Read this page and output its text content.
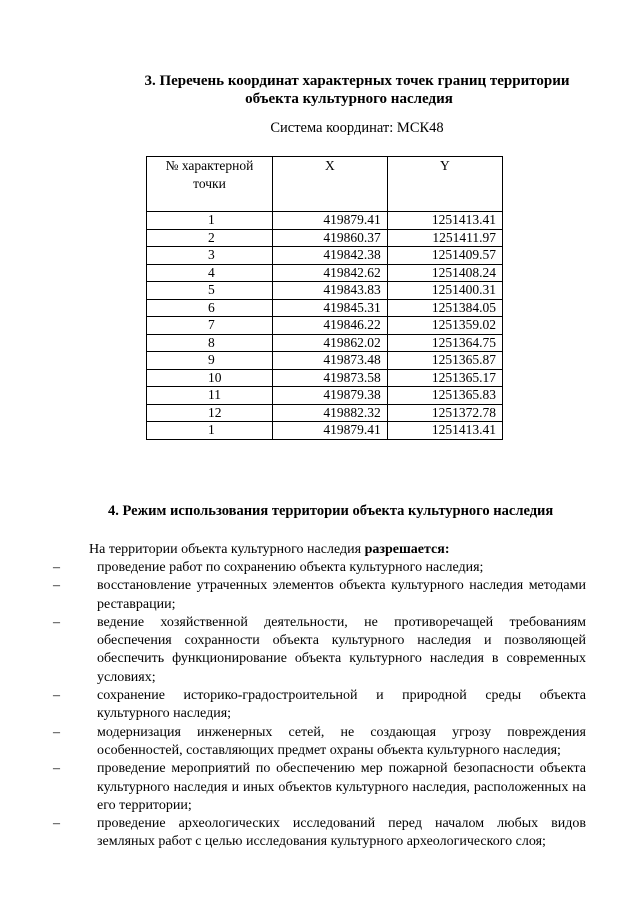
3. Перечень координат характерных точек границ территории
объекта культурного наследия
Система координат: МСК48
№ характерной точки	X	Y
1	419879.41	1251413.41
2	419860.37	1251411.97
3	419842.38	1251409.57
4	419842.62	1251408.24
5	419843.83	1251400.31
6	419845.31	1251384.05
7	419846.22	1251359.02
8	419862.02	1251364.75
9	419873.48	1251365.87
10	419873.58	1251365.17
11	419879.38	1251365.83
12	419882.32	1251372.78
1	419879.41	1251413.41
4. Режим использования территории объекта культурного наследия
На территории объекта культурного наследия разрешается:
–	проведение работ по сохранению объекта культурного наследия;
–	восстановление утраченных элементов объекта культурного наследия методами реставрации;
–	ведение хозяйственной деятельности, не противоречащей требованиям обеспечения сохранности объекта культурного наследия и позволяющей обеспечить функционирование объекта культурного наследия в современных условиях;
–	сохранение историко-градостроительной и природной среды объекта культурного наследия;
–	модернизация инженерных сетей, не создающая угрозу повреждения особенностей, составляющих предмет охраны объекта культурного наследия;
–	проведение мероприятий по обеспечению мер пожарной безопасности объекта культурного наследия и иных объектов культурного наследия, расположенных на его территории;
–	проведение археологических исследований перед началом любых видов земляных работ с целью исследования культурного археологического слоя;
